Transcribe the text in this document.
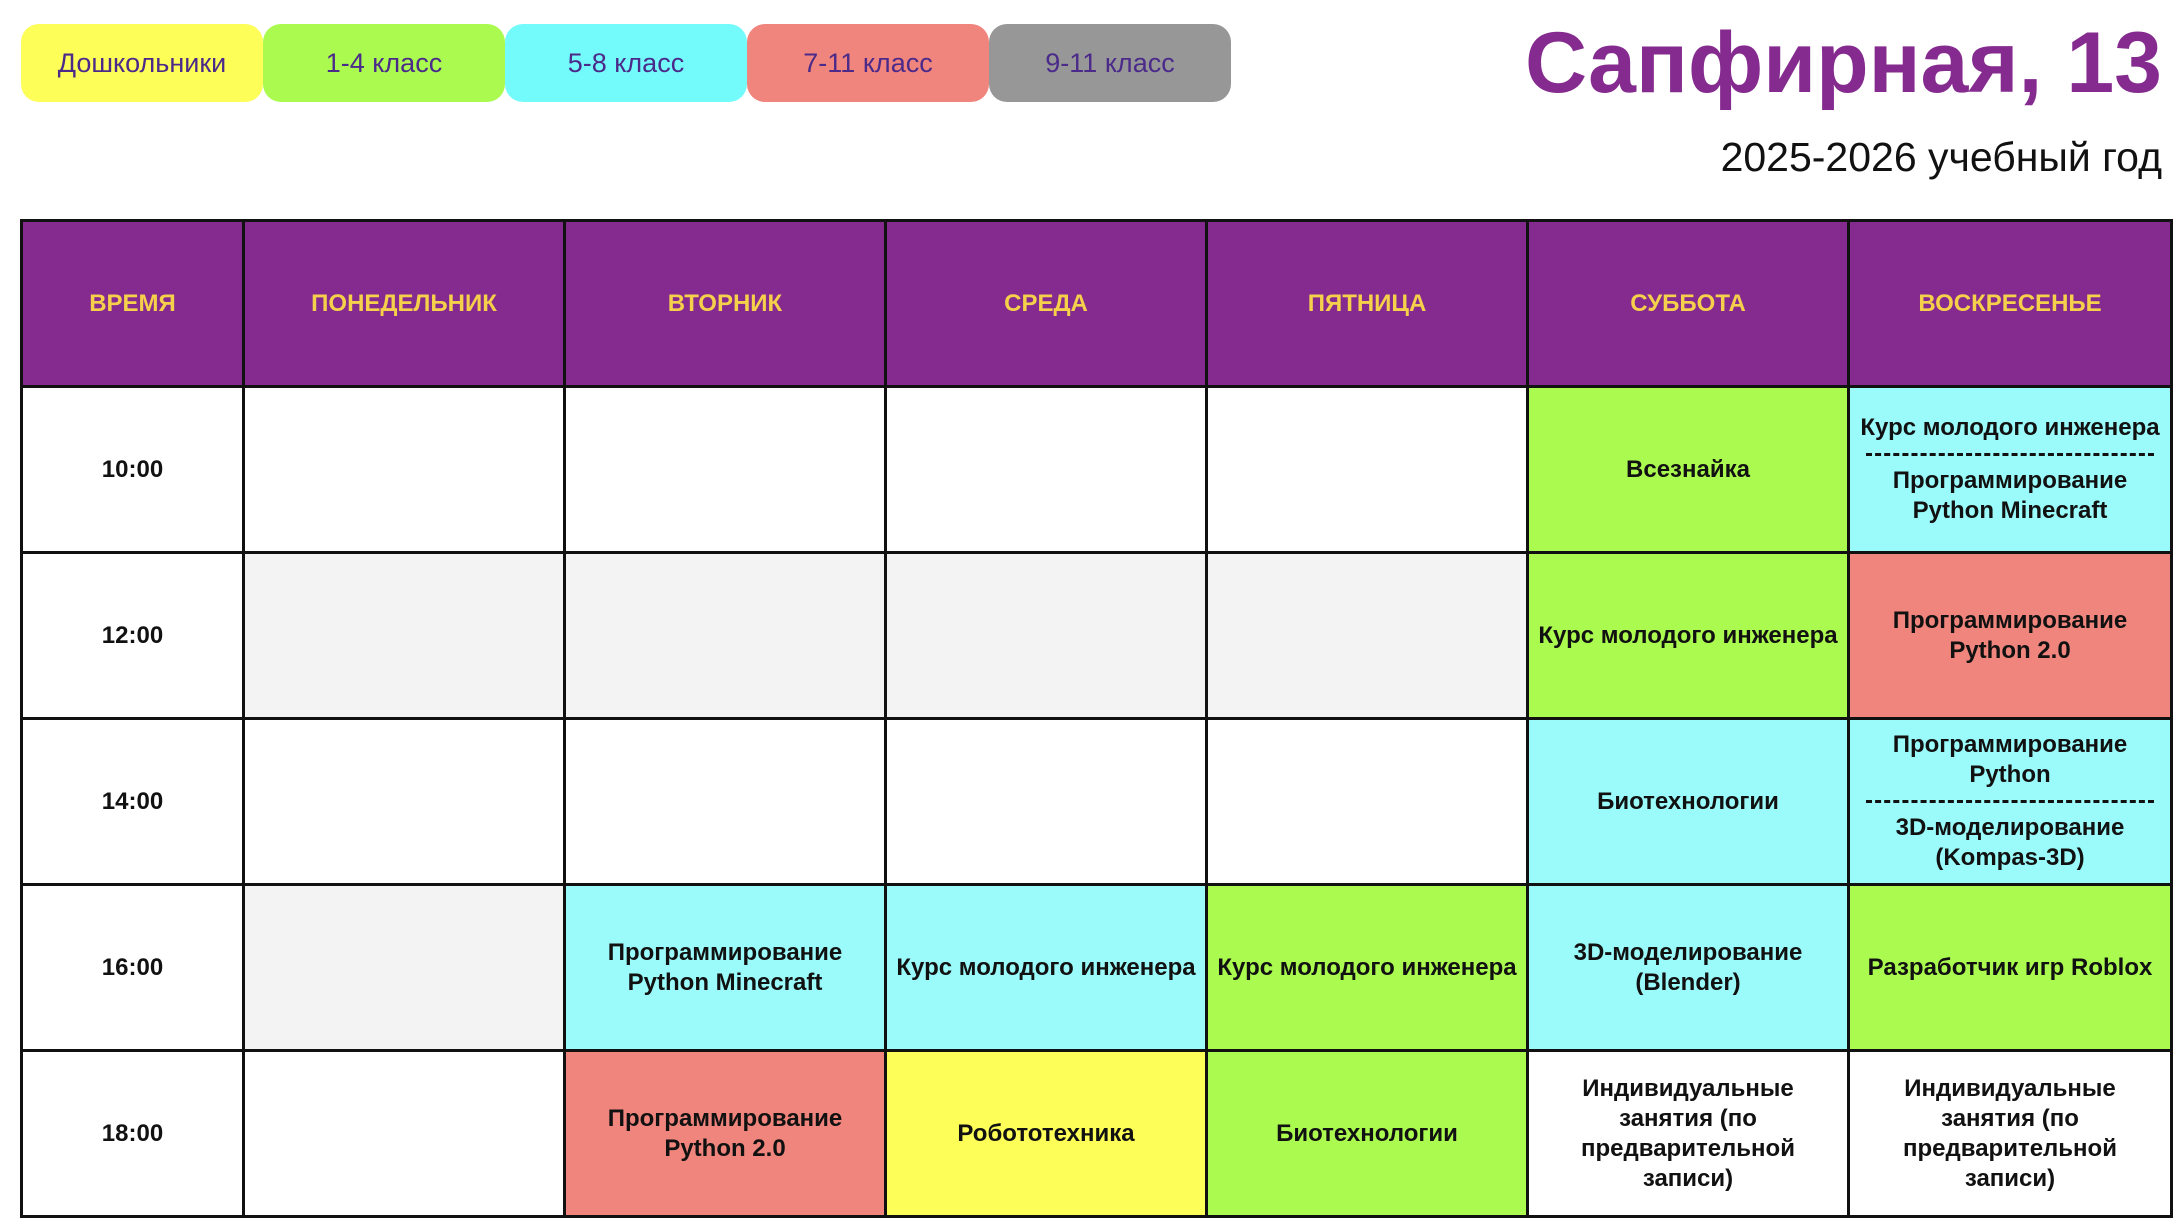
Дошкольники	1-4 класс	5-8 класс	7-11 класс	9-11 класс	Сапфирная, 13
2025-2026 учебный год
ВРЕМЯ	ПОНЕДЕЛЬНИК	ВТОРНИК	СРЕДА	ПЯТНИЦА	СУББОТА	ВОСКРЕСЕНЬЕ
10:00					Всезнайка	Курс молодого инженера
Программирование Python Minecraft

12:00					Курс молодого инженера	Программирование Python 2.0
14:00					Биотехнологии	Программирование Python
3D-моделирование (Kompas-3D)

16:00		Программирование Python Minecraft	Курс молодого инженера	Курс молодого инженера	3D-моделирование (Blender)	Разработчик игр Roblox
18:00		Программирование Python 2.0	Робототехника	Биотехнологии	Индивидуальные занятия (по предварительной записи)	Индивидуальные занятия (по предварительной записи)
